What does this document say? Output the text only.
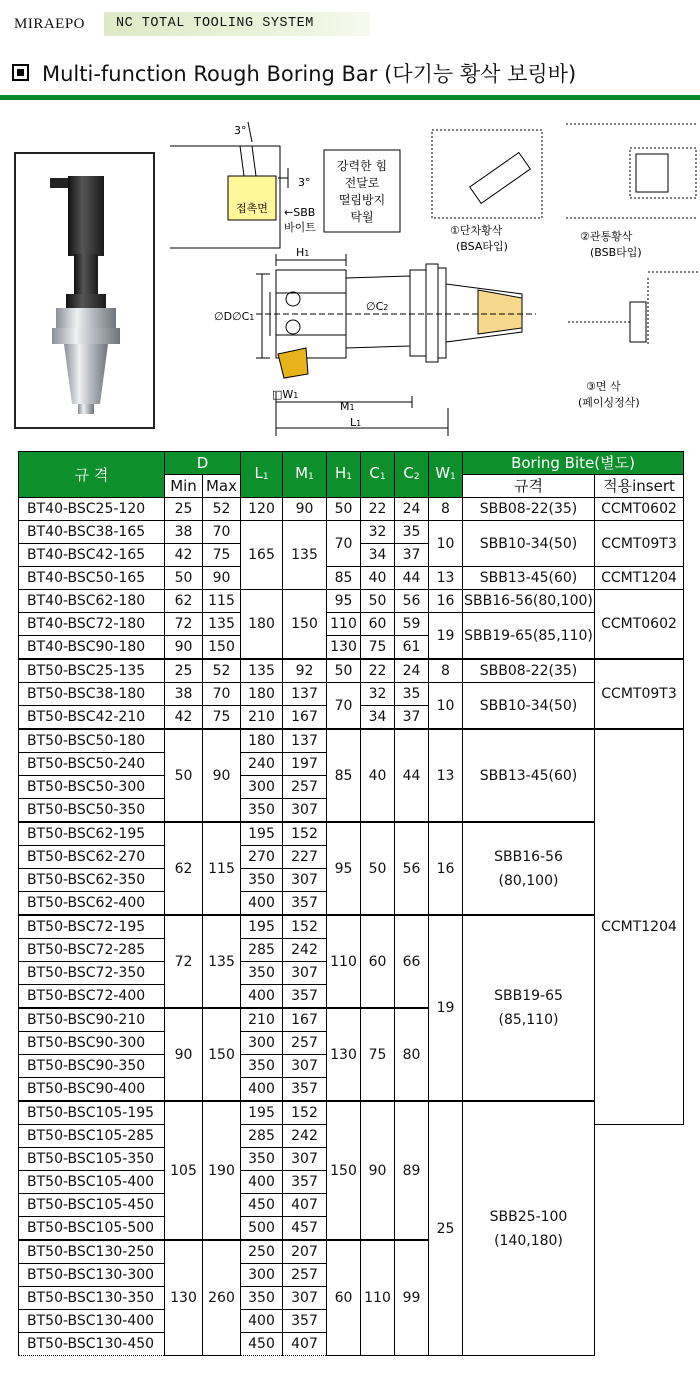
MIRAEPO NC TOTAL TOOLING SYSTEM
Multi-function Rough Boring Bar (다기능 황삭 보링바)
3°
3°
접촉면 ←SBB
바이트
강력한 힘
전달로
떨림방지
탁월
H1
∅D ∅C1
∅C2
□W1
M1
L1
①단차황삭
(BSA타입)
②관통황삭
(BSB타입)
③면 삭
(페이싱정삭)
규 격	D		L1	M1	H1	C1	C2	W1	Boring Bite(별도)	
	Min	Max							규격	적용insert
BT40-BSC25-120	25	52	120	90	50	22	24	8	SBB08-22(35)	CCMT0602
BT40-BSC38-165	38	70	165	135	70	32	35	10	SBB10-34(50)	CCMT09T3
BT40-BSC42-165	42	75				34	37			
BT40-BSC50-165	50	90			85	40	44	13	SBB13-45(60)	CCMT1204
BT40-BSC62-180	62	115	180	150	95	50	56	16	SBB16-56(80,100)	CCMT0602
BT40-BSC72-180	72	135			110	60	59	19	SBB19-65(85,110)	

BT40-BSC90-180	90	150			130	75	61			
BT50-BSC25-135	25	52	135	92	50	22	24	8	SBB08-22(35)	CCMT09T3
BT50-BSC38-180	38	70	180	137	70	32	35	10	SBB10-34(50)	

BT50-BSC42-210	42	75	210	167		34	37			
BT50-BSC50-180	50	90	180	137	85	40	44	13	SBB13-45(60)	CCMT1204
BT50-BSC50-240			240	197						
BT50-BSC50-300			300	257						
BT50-BSC50-350			350	307						
BT50-BSC62-195	62	115	195	152	95	50	56	16	SBB16-56
(80,100)	

BT50-BSC62-270			270	227						
BT50-BSC62-350			350	307						
BT50-BSC62-400			400	357						
BT50-BSC72-195	72	135	195	152	110	60	66	19	SBB19-65
(85,110)	

BT50-BSC72-285			285	242						
BT50-BSC72-350			350	307						
BT50-BSC72-400			400	357						
BT50-BSC90-210	90	150	210	167	130	75	80			
BT50-BSC90-300			300	257						
BT50-BSC90-350			350	307						
BT50-BSC90-400			400	357						
BT50-BSC105-195	105	190	195	152	150	90	89	25	SBB25-100
(140,180)	

BT50-BSC105-285			285	242						
BT50-BSC105-350			350	307						
BT50-BSC105-400			400	357						
BT50-BSC105-450			450	407						
BT50-BSC105-500			500	457						
BT50-BSC130-250	130	260	250	207	60	110	99			
BT50-BSC130-300			300	257						
BT50-BSC130-350			350	307						
BT50-BSC130-400			400	357						
BT50-BSC130-450			450	407						
